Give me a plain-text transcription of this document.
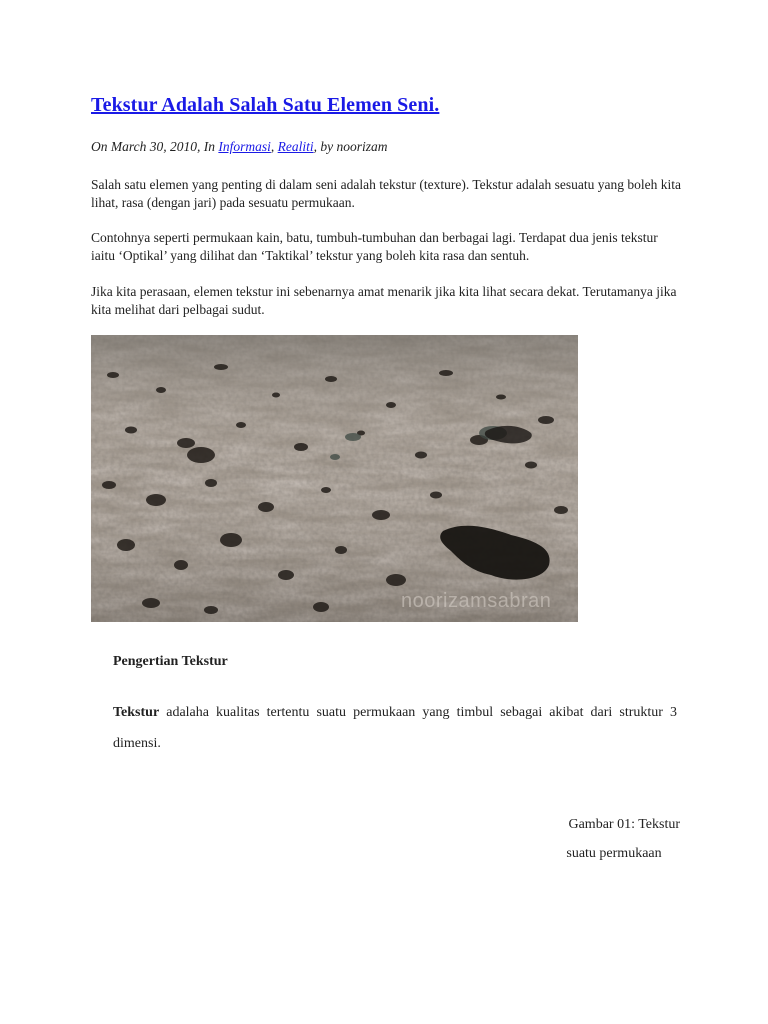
Tekstur Adalah Salah Satu Elemen Seni.
On March 30, 2010, In Informasi, Realiti, by noorizam

Salah satu elemen yang penting di dalam seni adalah tekstur (texture). Tekstur adalah sesuatu yang boleh kita lihat, rasa (dengan jari) pada sesuatu permukaan.

Contohnya seperti permukaan kain, batu, tumbuh-tumbuhan dan berbagai lagi. Terdapat dua jenis tekstur iaitu ‘Optikal’ yang dilihat dan ‘Taktikal’ tekstur yang boleh kita rasa dan sentuh.

Jika kita perasaan, elemen tekstur ini sebenarnya amat menarik jika kita lihat secara dekat. Terutamanya jika kita melihat dari pelbagai sudut.

noorizamsabran
Pengertian Tekstur

Tekstur adalaha kualitas tertentu suatu permukaan yang timbul sebagai akibat dari struktur 3 dimensi.

Gambar 01: Tekstur
suatu permukaan
